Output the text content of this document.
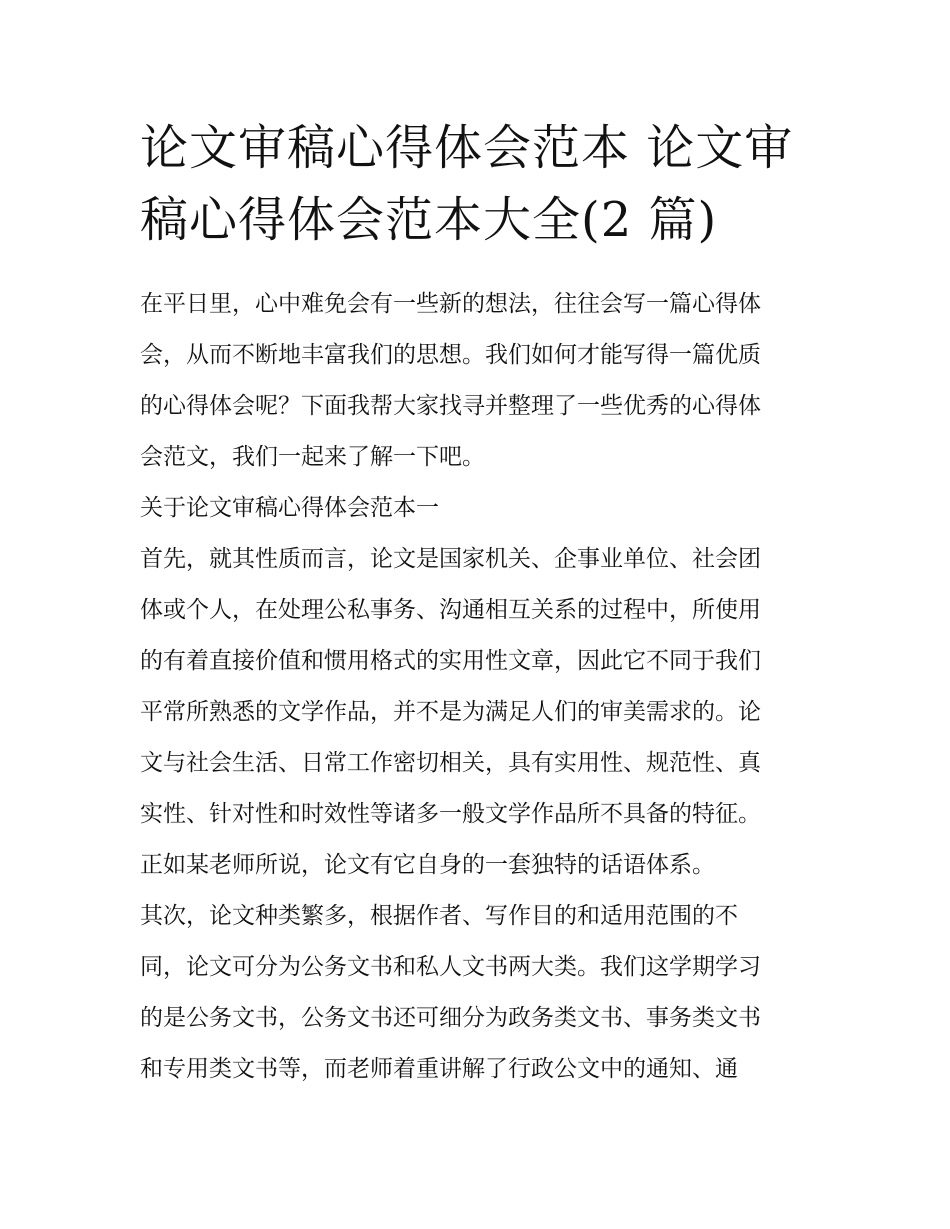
论文审稿心得体会范本 论文审
稿心得体会范本大全(2 篇)
在平日里，心中难免会有一些新的想法，往往会写一篇心得体
会，从而不断地丰富我们的思想。我们如何才能写得一篇优质
的心得体会呢？下面我帮大家找寻并整理了一些优秀的心得体
会范文，我们一起来了解一下吧。
关于论文审稿心得体会范本一
首先，就其性质而言，论文是国家机关、企事业单位、社会团
体或个人，在处理公私事务、沟通相互关系的过程中，所使用
的有着直接价值和惯用格式的实用性文章，因此它不同于我们
平常所熟悉的文学作品，并不是为满足人们的审美需求的。论
文与社会生活、日常工作密切相关，具有实用性、规范性、真
实性、针对性和时效性等诸多一般文学作品所不具备的特征。
正如某老师所说，论文有它自身的一套独特的话语体系。
其次，论文种类繁多，根据作者、写作目的和适用范围的不
同，论文可分为公务文书和私人文书两大类。我们这学期学习
的是公务文书，公务文书还可细分为政务类文书、事务类文书
和专用类文书等，而老师着重讲解了行政公文中的通知、通
